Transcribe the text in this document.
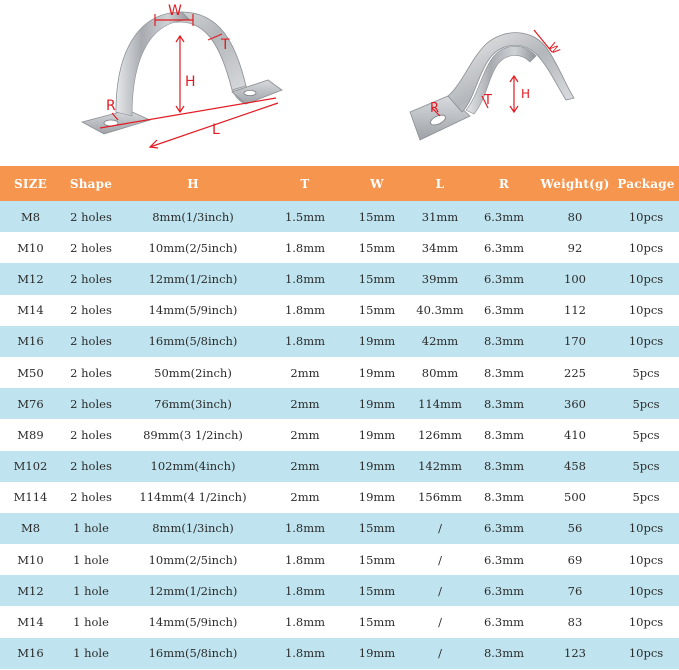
W
T
H
R
L
W
T H
R
SIZE	Shape	H	T	W	L	R	Weight(g)	Package
M8	2 holes	8mm(1/3inch)	1.5mm	15mm	31mm	6.3mm	80	10pcs
M10	2 holes	10mm(2/5inch)	1.8mm	15mm	34mm	6.3mm	92	10pcs
M12	2 holes	12mm(1/2inch)	1.8mm	15mm	39mm	6.3mm	100	10pcs
M14	2 holes	14mm(5/9inch)	1.8mm	15mm	40.3mm	6.3mm	112	10pcs
M16	2 holes	16mm(5/8inch)	1.8mm	19mm	42mm	8.3mm	170	10pcs
M50	2 holes	50mm(2inch)	2mm	19mm	80mm	8.3mm	225	5pcs
M76	2 holes	76mm(3inch)	2mm	19mm	114mm	8.3mm	360	5pcs
M89	2 holes	89mm(3 1/2inch)	2mm	19mm	126mm	8.3mm	410	5pcs
M102	2 holes	102mm(4inch)	2mm	19mm	142mm	8.3mm	458	5pcs
M114	2 holes	114mm(4 1/2inch)	2mm	19mm	156mm	8.3mm	500	5pcs
M8	1 hole	8mm(1/3inch)	1.8mm	15mm	/	6.3mm	56	10pcs
M10	1 hole	10mm(2/5inch)	1.8mm	15mm	/	6.3mm	69	10pcs
M12	1 hole	12mm(1/2inch)	1.8mm	15mm	/	6.3mm	76	10pcs
M14	1 hole	14mm(5/9inch)	1.8mm	15mm	/	6.3mm	83	10pcs
M16	1 hole	16mm(5/8inch)	1.8mm	19mm	/	8.3mm	123	10pcs
